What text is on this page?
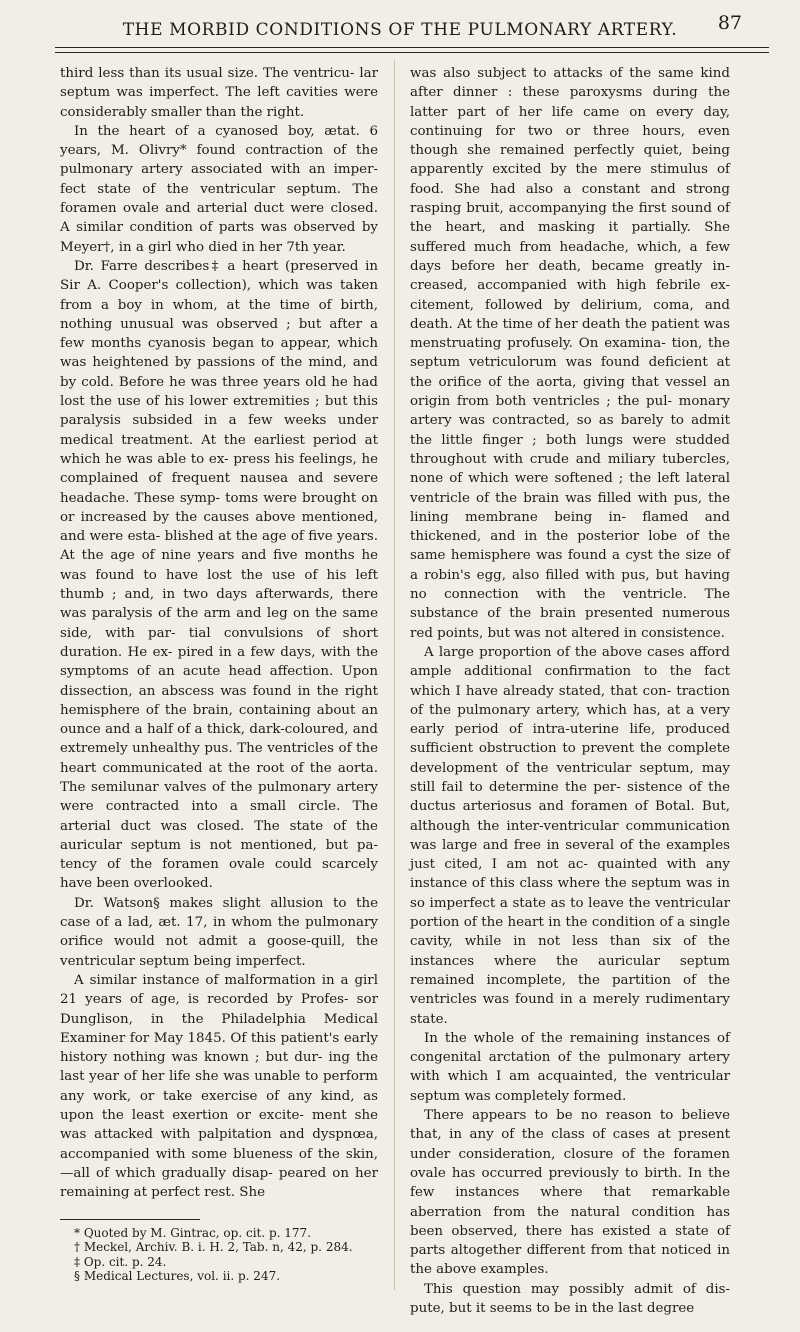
THE MORBID CONDITIONS OF THE PULMONARY ARTERY.	87

third less than its usual size. The ventricu- lar septum was imperfect. The left cavities were considerably smaller than the right.

In the heart of a cyanosed boy, ætat. 6 years, M. Olivry* found contraction of the pulmonary artery associated with an imper- fect state of the ventricular septum. The foramen ovale and arterial duct were closed. A similar condition of parts was observed by Meyer†, in a girl who died in her 7th year.

Dr. Farre describes‡ a heart (preserved in Sir A. Cooper's collection), which was taken from a boy in whom, at the time of birth, nothing unusual was observed ; but after a few months cyanosis began to appear, which was heightened by passions of the mind, and by cold. Before he was three years old he had lost the use of his lower extremities ; but this paralysis subsided in a few weeks under medical treatment. At the earliest period at which he was able to ex- press his feelings, he complained of frequent nausea and severe headache. These symp- toms were brought on or increased by the causes above mentioned, and were esta- blished at the age of five years. At the age of nine years and five months he was found to have lost the use of his left thumb ; and, in two days afterwards, there was paralysis of the arm and leg on the same side, with par- tial convulsions of short duration. He ex- pired in a few days, with the symptoms of an acute head affection. Upon dissection, an abscess was found in the right hemisphere of the brain, containing about an ounce and a half of a thick, dark-coloured, and extremely unhealthy pus. The ventricles of the heart communicated at the root of the aorta. The semilunar valves of the pulmonary artery were contracted into a small circle. The arterial duct was closed. The state of the auricular septum is not mentioned, but pa- tency of the foramen ovale could scarcely have been overlooked.

Dr. Watson§ makes slight allusion to the case of a lad, æt. 17, in whom the pulmonary orifice would not admit a goose-quill, the ventricular septum being imperfect.

A similar instance of malformation in a girl 21 years of age, is recorded by Profes- sor Dunglison, in the Philadelphia Medical Examiner for May 1845. Of this patient's early history nothing was known ; but dur- ing the last year of her life she was unable to perform any work, or take exercise of any kind, as upon the least exertion or excite- ment she was attacked with palpitation and dyspnœa, accompanied with some blueness of the skin,—all of which gradually disap- peared on her remaining at perfect rest. She

* Quoted by M. Gintrac, op. cit. p. 177.

† Meckel, Archiv. B. i. H. 2, Tab. n, 42, p. 284.

‡ Op. cit. p. 24.

§ Medical Lectures, vol. ii. p. 247.

was also subject to attacks of the same kind after dinner : these paroxysms during the latter part of her life came on every day, continuing for two or three hours, even though she remained perfectly quiet, being apparently excited by the mere stimulus of food. She had also a constant and strong rasping bruit, accompanying the first sound of the heart, and masking it partially. She suffered much from headache, which, a few days before her death, became greatly in- creased, accompanied with high febrile ex- citement, followed by delirium, coma, and death. At the time of her death the patient was menstruating profusely. On examina- tion, the septum vetriculorum was found deficient at the orifice of the aorta, giving that vessel an origin from both ventricles ; the pul- monary artery was contracted, so as barely to admit the little finger ; both lungs were studded throughout with crude and miliary tubercles, none of which were softened ; the left lateral ventricle of the brain was filled with pus, the lining membrane being in- flamed and thickened, and in the posterior lobe of the same hemisphere was found a cyst the size of a robin's egg, also filled with pus, but having no connection with the ventricle. The substance of the brain presented numerous red points, but was not altered in consistence.

A large proportion of the above cases afford ample additional confirmation to the fact which I have already stated, that con- traction of the pulmonary artery, which has, at a very early period of intra-uterine life, produced sufficient obstruction to prevent the complete development of the ventricular septum, may still fail to determine the per- sistence of the ductus arteriosus and foramen of Botal. But, although the inter-ventricular communication was large and free in several of the examples just cited, I am not ac- quainted with any instance of this class where the septum was in so imperfect a state as to leave the ventricular portion of the heart in the condition of a single cavity, while in not less than six of the instances where the auricular septum remained incomplete, the partition of the ventricles was found in a merely rudimentary state.

In the whole of the remaining instances of congenital arctation of the pulmonary artery with which I am acquainted, the ventricular septum was completely formed.

There appears to be no reason to believe that, in any of the class of cases at present under consideration, closure of the foramen ovale has occurred previously to birth. In the few instances where that remarkable aberration from the natural condition has been observed, there has existed a state of parts altogether different from that noticed in the above examples.

This question may possibly admit of dis- pute, but it seems to be in the last degree
